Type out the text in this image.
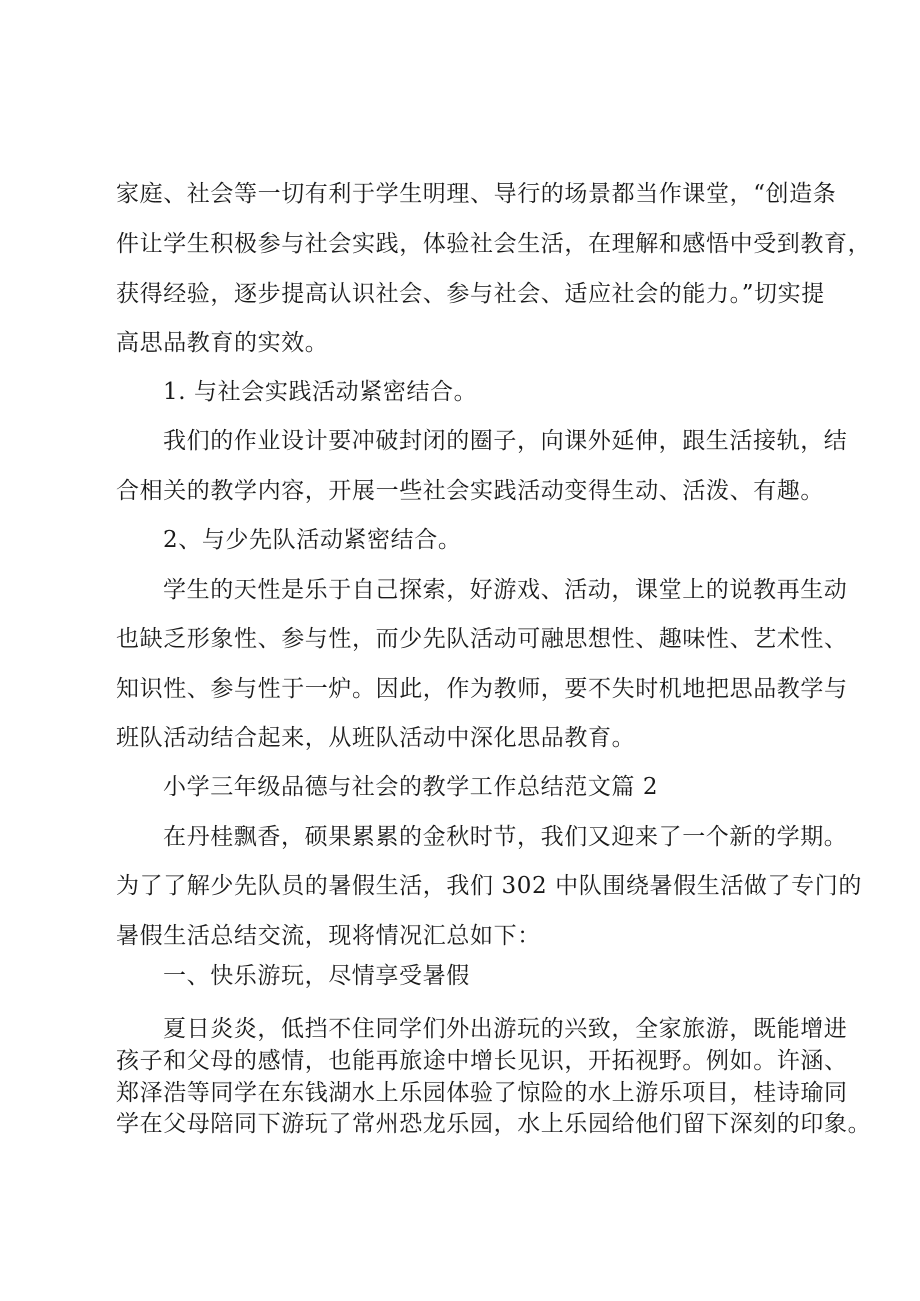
家庭、社会等一切有利于学生明理、导行的场景都当作课堂，“创造条
件让学生积极参与社会实践，体验社会生活，在理解和感悟中受到教育，
获得经验，逐步提高认识社会、参与社会、适应社会的能力。”切实提
高思品教育的实效。
1. 与社会实践活动紧密结合。
我们的作业设计要冲破封闭的圈子，向课外延伸，跟生活接轨，结
合相关的教学内容，开展一些社会实践活动变得生动、活泼、有趣。
2、与少先队活动紧密结合。
学生的天性是乐于自己探索，好游戏、活动，课堂上的说教再生动
也缺乏形象性、参与性，而少先队活动可融思想性、趣味性、艺术性、
知识性、参与性于一炉。因此，作为教师，要不失时机地把思品教学与
班队活动结合起来，从班队活动中深化思品教育。
小学三年级品德与社会的教学工作总结范文篇 2
在丹桂飘香，硕果累累的金秋时节，我们又迎来了一个新的学期。
为了了解少先队员的暑假生活，我们 302 中队围绕暑假生活做了专门的
暑假生活总结交流，现将情况汇总如下：
一、快乐游玩，尽情享受暑假
夏日炎炎，低挡不住同学们外出游玩的兴致，全家旅游，既能增进
孩子和父母的感情，也能再旅途中增长见识，开拓视野。例如。许涵、
郑泽浩等同学在东钱湖水上乐园体验了惊险的水上游乐项目，桂诗瑜同
学在父母陪同下游玩了常州恐龙乐园，水上乐园给他们留下深刻的印象。
